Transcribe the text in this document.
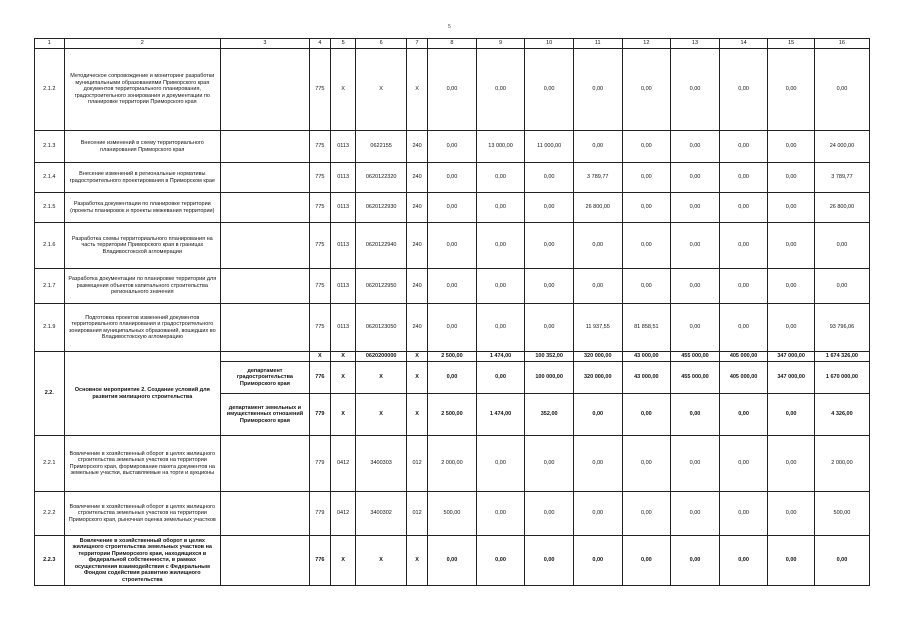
5
1	2	3	4	5	6	7	8	9	10	11	12	13	14	15	16
2.1.2	Методическое сопровождение и мониторинг разработки муниципальными образованиями Приморского края документов территориального планирования, градостроительного зонирования и документации по планировке территории Приморского края		775	Х	Х	Х	0,00	0,00	0,00	0,00	0,00	0,00	0,00	0,00	0,00
2.1.3	Внесение изменений в схему территориального планирования Приморского края		775	0113	0622155	240	0,00	13 000,00	11 000,00	0,00	0,00	0,00	0,00	0,00	24 000,00
2.1.4	Внесение изменений в региональные нормативы градостроительного проектирования в Приморском крае		775	0113	0620122320	240	0,00	0,00	0,00	3 789,77	0,00	0,00	0,00	0,00	3 789,77
2.1.5	Разработка документации по планировке территории (проекты планировок и проекты межевания территории)		775	0113	0620122930	240	0,00	0,00	0,00	26 800,00	0,00	0,00	0,00	0,00	26 800,00
2.1.6	Разработка схемы территориального планирования на часть территории Приморского края в границах Владивостокской агломерации		775	0113	0620122940	240	0,00	0,00	0,00	0,00	0,00	0,00	0,00	0,00	0,00
2.1.7	Разработка документации по планировке территории для размещения объектов капитального строительства регионального значения		775	0113	0620122950	240	0,00	0,00	0,00	0,00	0,00	0,00	0,00	0,00	0,00
2.1.9	Подготовка проектов изменений документов территориального планирования и градостроительного зонирования муниципальных образований, вошедших во Владивостокскую агломерацию		775	0113	0620123050	240	0,00	0,00	0,00	11 937,55	81 858,51	0,00	0,00	0,00	93 796,06
2.2.	Основное мероприятие 2. Создание условий для развития жилищного строительства		Х	Х	0620200000	Х	2 500,00	1 474,00	100 352,00	320 000,00	43 000,00	455 000,00	405 000,00	347 000,00	1 674 326,00
		департамент градостроительства Приморского края	776	Х	Х	Х	0,00	0,00	100 000,00	320 000,00	43 000,00	455 000,00	405 000,00	347 000,00	1 670 000,00
		департамент земельных и имущественных отношений Приморского края	779	Х	Х	Х	2 500,00	1 474,00	352,00	0,00	0,00	0,00	0,00	0,00	4 326,00
2.2.1	Вовлечение в хозяйственный оборот в целях жилищного строительства земельных участков на территории Приморского края, формирование пакета документов на земельные участки, выставляемые на торги и аукционы		779	0412	3400303	012	2 000,00	0,00	0,00	0,00	0,00	0,00	0,00	0,00	2 000,00
2.2.2	Вовлечение в хозяйственный оборот в целях жилищного строительства земельных участков на территории Приморского края, рыночная оценка земельных участков		779	0412	3400302	012	500,00	0,00	0,00	0,00	0,00	0,00	0,00	0,00	500,00
2.2.3	Вовлечение в хозяйственный оборот в целях жилищного строительства земельных участков на территории Приморского края, находящихся в федеральной собственности, в рамках осуществления взаимодействия с Федеральным Фондом содействия развитию жилищного строительства		776	Х	Х	Х	0,00	0,00	0,00	0,00	0,00	0,00	0,00	0,00	0,00
